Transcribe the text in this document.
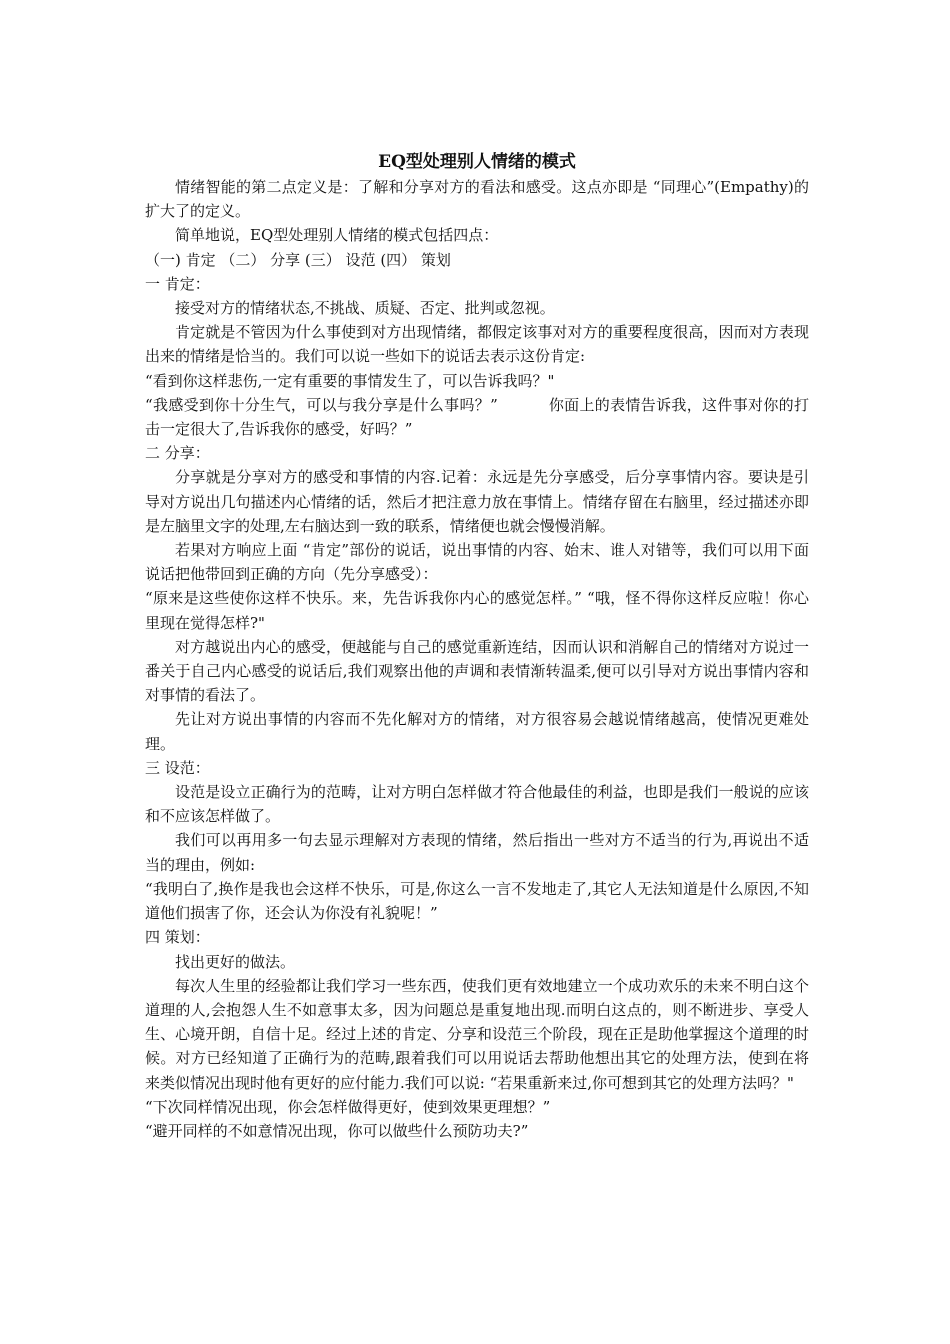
EQ型处理别人情绪的模式

情绪智能的第二点定义是：了解和分享对方的看法和感受。这点亦即是 “同理心”(Empathy)的扩大了的定义。

简单地说，EQ型处理别人情绪的模式包括四点：

（一) 肯定 （二） 分享 (三） 设范 (四） 策划

一 肯定：

接受对方的情绪状态,不挑战、质疑、否定、批判或忽视。

肯定就是不管因为什么事使到对方出现情绪，都假定该事对对方的重要程度很高，因而对方表现出来的情绪是恰当的。我们可以说一些如下的说话去表示这份肯定:

“看到你这样悲伤,一定有重要的事情发生了，可以告诉我吗？"

“我感受到你十分生气，可以与我分享是什么事吗？” 　　　你面上的表情告诉我，这件事对你的打击一定很大了,告诉我你的感受，好吗？”

二 分享：

分享就是分享对方的感受和事情的内容.记着：永远是先分享感受，后分享事情内容。要诀是引导对方说出几句描述内心情绪的话，然后才把注意力放在事情上。情绪存留在右脑里，经过描述亦即是左脑里文字的处理,左右脑达到一致的联系，情绪便也就会慢慢消解。

若果对方响应上面 “肯定”部份的说话，说出事情的内容、始末、谁人对错等，我们可以用下面说话把他带回到正确的方向（先分享感受）：

“原来是这些使你这样不快乐。来，先告诉我你内心的感觉怎样。” “哦，怪不得你这样反应啦！你心里现在觉得怎样?"

对方越说出内心的感受，便越能与自己的感觉重新连结，因而认识和消解自己的情绪对方说过一番关于自己内心感受的说话后,我们观察出他的声调和表情渐转温柔,便可以引导对方说出事情内容和对事情的看法了。

先让对方说出事情的内容而不先化解对方的情绪，对方很容易会越说情绪越高，使情况更难处理。

三 设范：

设范是设立正确行为的范畴，让对方明白怎样做才符合他最佳的利益，也即是我们一般说的应该和不应该怎样做了。

我们可以再用多一句去显示理解对方表现的情绪，然后指出一些对方不适当的行为,再说出不适当的理由，例如:

“我明白了,换作是我也会这样不快乐，可是,你这么一言不发地走了,其它人无法知道是什么原因,不知道他们损害了你，还会认为你没有礼貌呢！”

四 策划：

找出更好的做法。

每次人生里的经验都让我们学习一些东西，使我们更有效地建立一个成功欢乐的未来不明白这个道理的人,会抱怨人生不如意事太多，因为问题总是重复地出现.而明白这点的，则不断进步、享受人生、心境开朗，自信十足。经过上述的肯定、分享和设范三个阶段，现在正是助他掌握这个道理的时候。对方已经知道了正确行为的范畴,跟着我们可以用说话去帮助他想出其它的处理方法，使到在将来类似情况出现时他有更好的应付能力.我们可以说: “若果重新来过,你可想到其它的处理方法吗？"

“下次同样情况出现，你会怎样做得更好，使到效果更理想？”

“避开同样的不如意情况出现，你可以做些什么预防功夫?”
